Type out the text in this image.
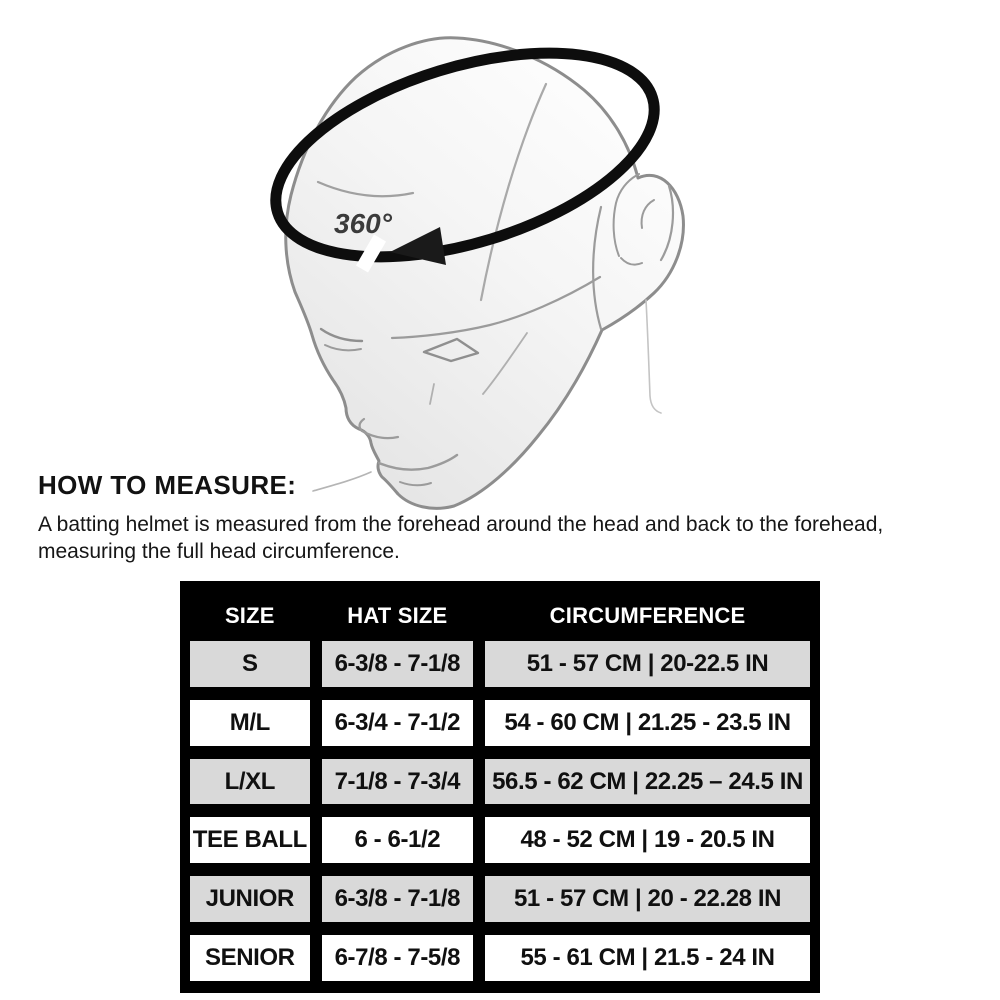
360°
HOW TO MEASURE:
A batting helmet is measured from the forehead around the head and back to the forehead, measuring the full head circumference.
SIZE	HAT SIZE	CIRCUMFERENCE
S	6-3/8 - 7-1/8	51 - 57 CM | 20-22.5 IN
M/L	6-3/4 - 7-1/2	54 - 60 CM | 21.25 - 23.5 IN
L/XL	7-1/8 - 7-3/4	56.5 - 62 CM | 22.25 – 24.5 IN
TEE BALL	6 - 6-1/2	48 - 52 CM | 19 - 20.5 IN
JUNIOR	6-3/8 - 7-1/8	51 - 57 CM | 20 - 22.28 IN
SENIOR	6-7/8 - 7-5/8	55 - 61 CM | 21.5 - 24 IN
